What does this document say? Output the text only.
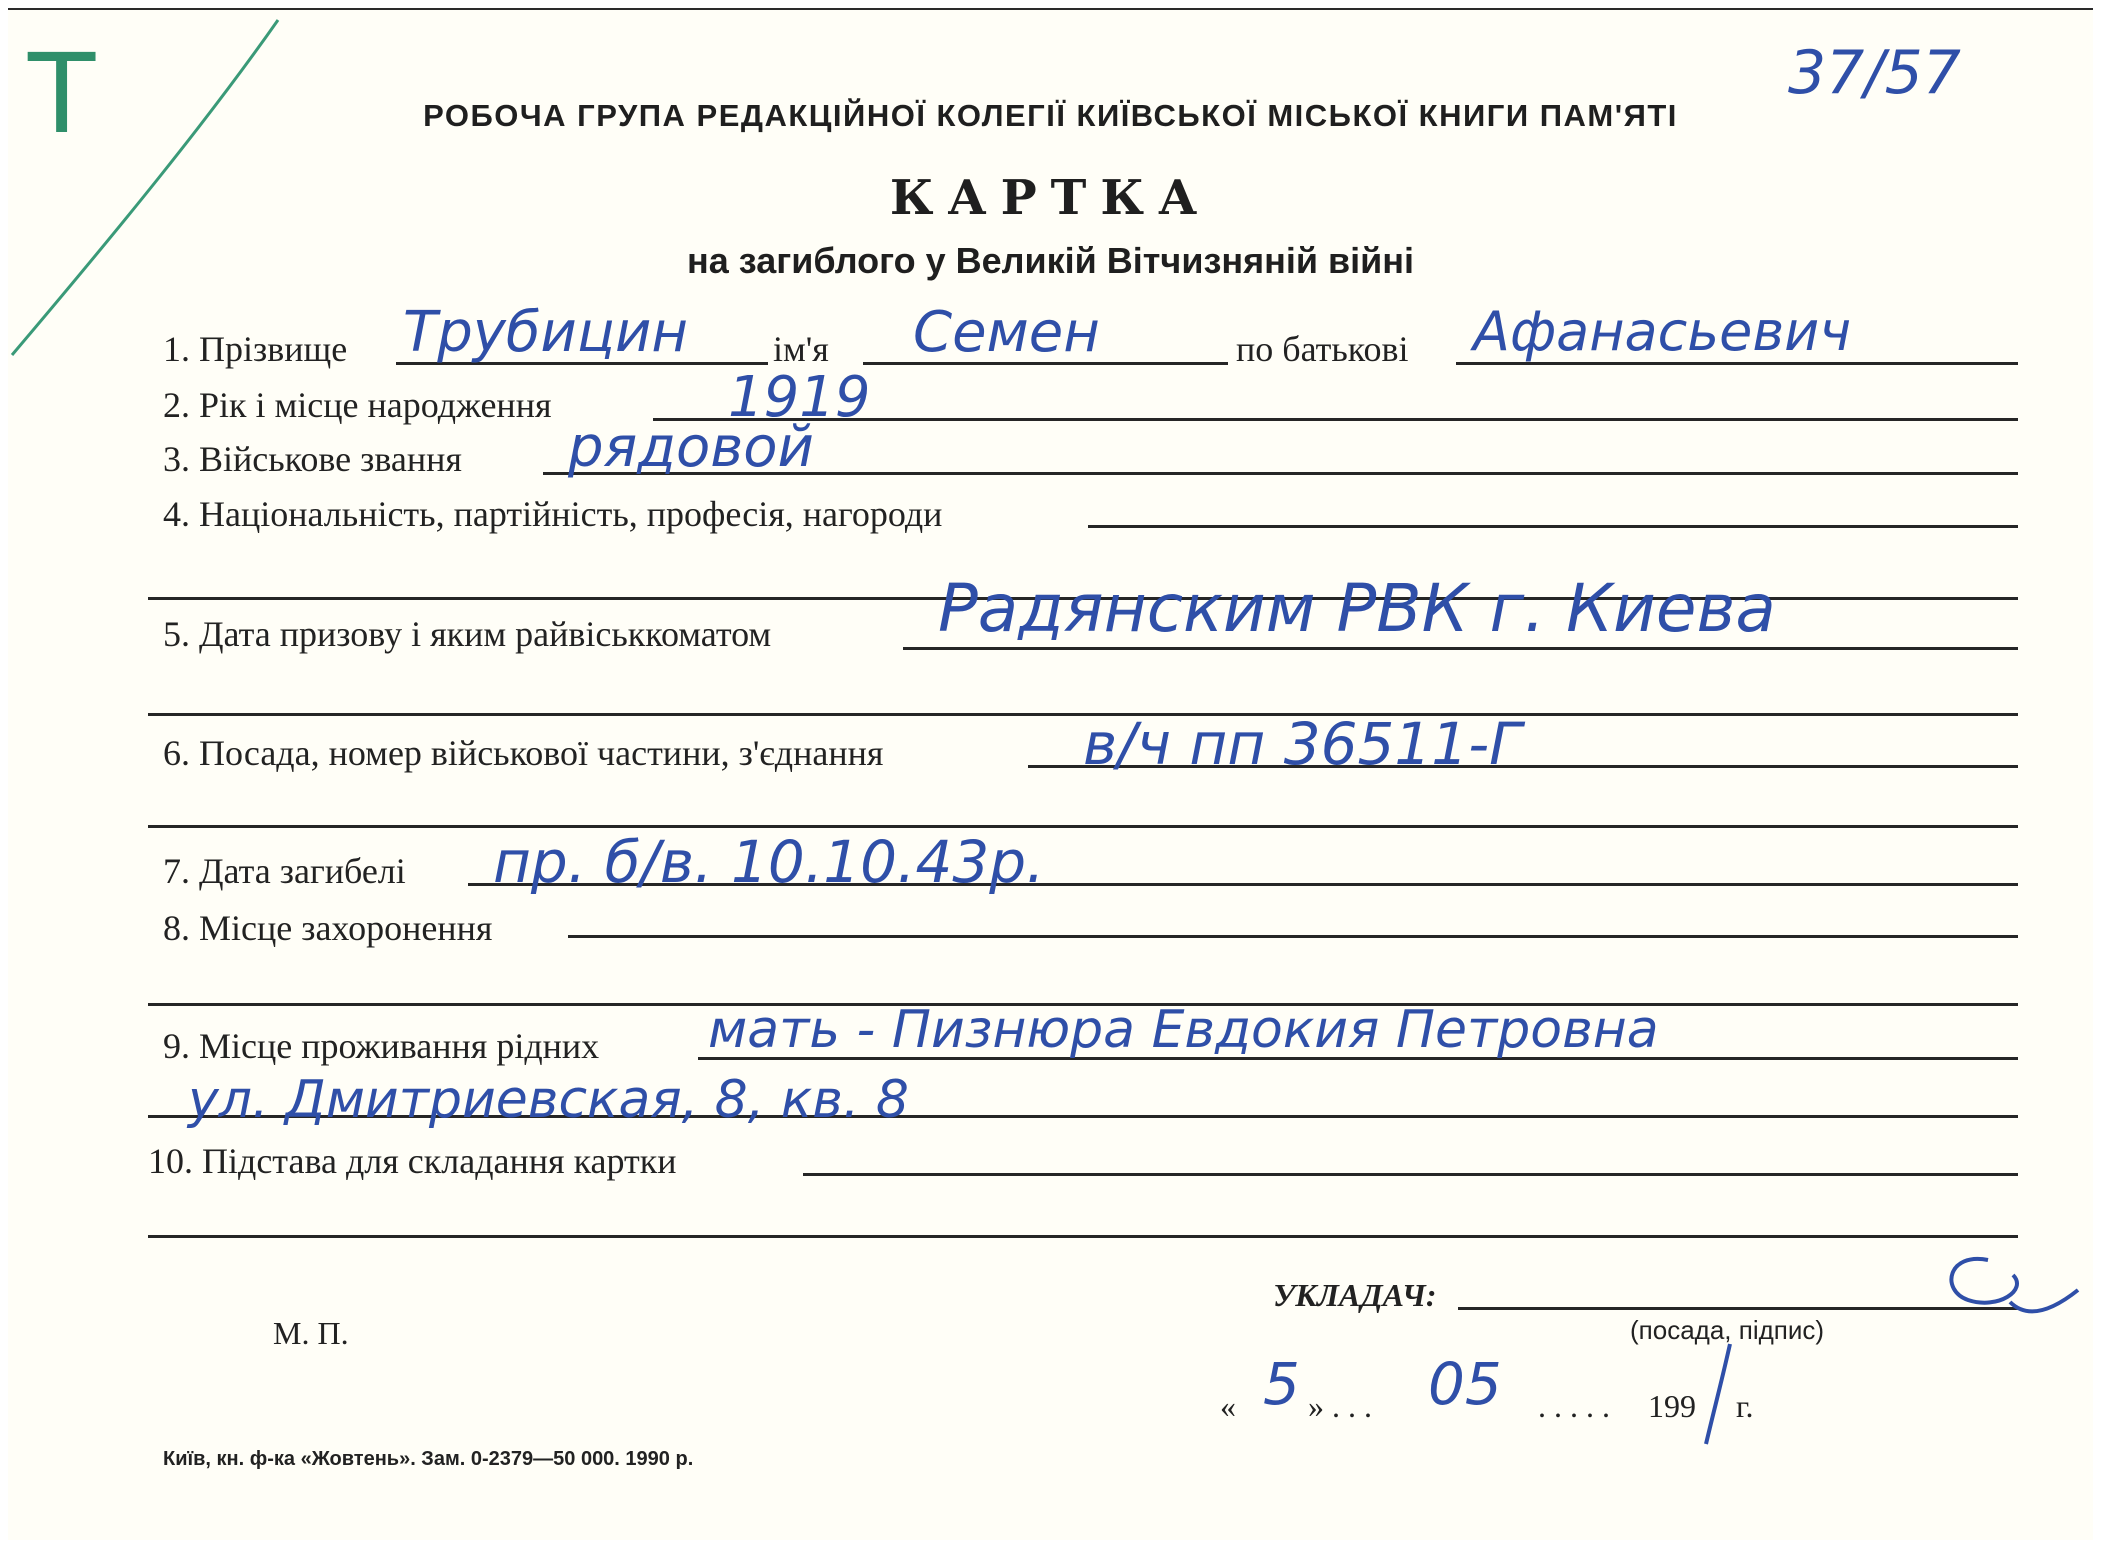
Т	37/57
РОБОЧА ГРУПА РЕДАКЦІЙНОЇ КОЛЕГІЇ КИЇВСЬКОЇ МІСЬКОЇ КНИГИ ПАМ'ЯТІ
КАРТКА
на загиблого у Великій Вітчизняній війні
1. Прізвище Трубицин ім'я Семен	по батькові Афанасьевич
2. Рік і місце народження	1919
3. Військове звання рядовой
4. Національність, партійність, професія, нагороди
5. Дата призову і яким райвіськкоматом	Радянским РВК г. Киева
6. Посада, номер військової частини, з'єднання	в/ч пп 36511-Г
7. Дата загибелі пр. б/в. 10.10.43р.
8. Місце захоронення
9. Місце проживання рідних мать - Пизнюра Евдокия Петровна
ул. Дмитриевская, 8, кв. 8
10. Підстава для складання картки
М. П.
УКЛАДАЧ:
(посада, підпис)
« 5 » . . . 05 . . . . . 199 г.
Київ, кн. ф-ка «Жовтень». Зам. 0-2379—50 000. 1990 р.
